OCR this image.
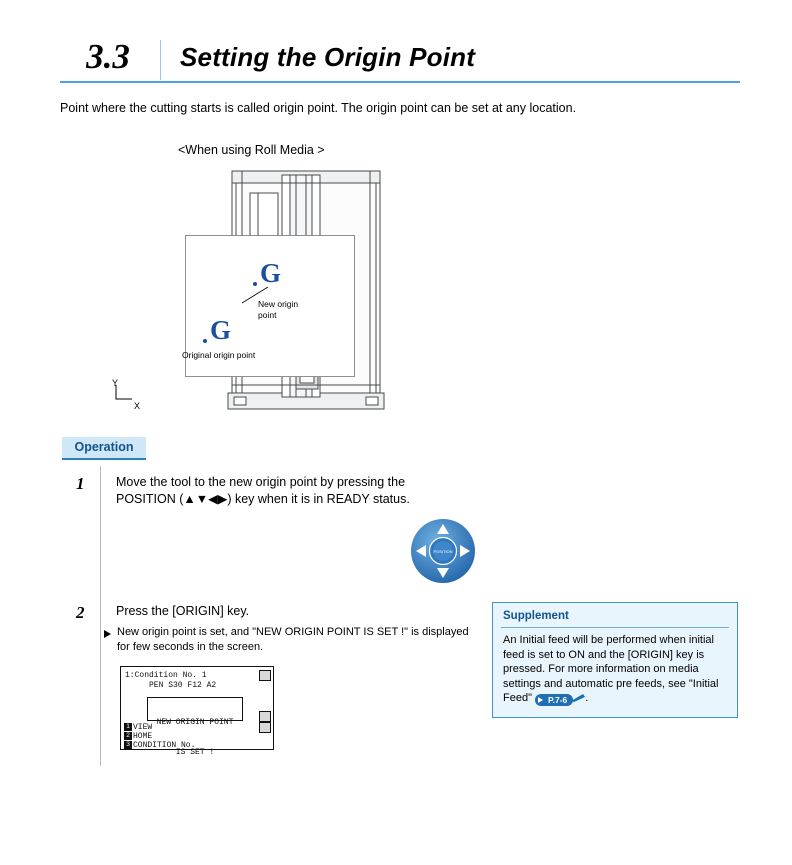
3.3	Setting the Origin Point
Point where the cutting starts is called origin point. The origin point can be set at any location.
<When using Roll Media >
G
New origin
point
G
Original origin point
Y
X
Operation
1	Move the tool to the new origin point by pressing the POSITION (▲▼◀▶) key when it is in READY status.
POSITION
2	Press the [ORIGIN] key.
New origin point is set, and "NEW ORIGIN POINT IS SET !" is displayed for few seconds in the screen.
1:Condition No. 1
PEN S30 F12 A2

NEW ORIGIN POINT

IS SET !

1 VIEW
2 HOME
3 CONDITION No.
Supplement
An Initial feed will be performed when initial feed is set to ON and the [ORIGIN] key is pressed. For more information on media settings and automatic pre feeds, see "Initial Feed" P.7-6 .
